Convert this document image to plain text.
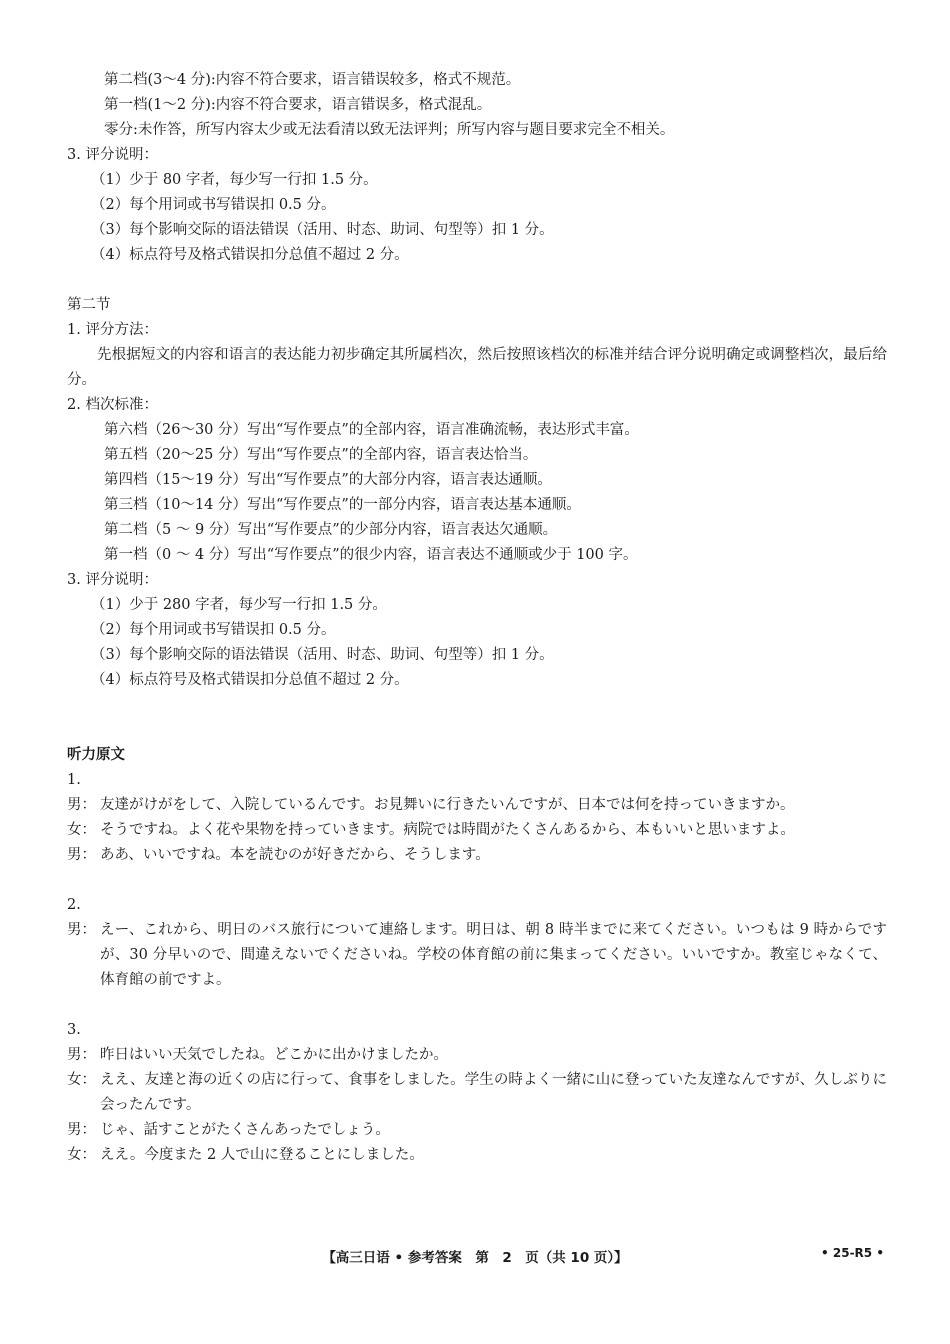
第二档(3～4 分):内容不符合要求，语言错误较多，格式不规范。
第一档(1～2 分):内容不符合要求，语言错误多，格式混乱。
零分:未作答，所写内容太少或无法看清以致无法评判；所写内容与题目要求完全不相关。
3. 评分说明：
（1）少于 80 字者，每少写一行扣 1.5 分。
（2）每个用词或书写错误扣 0.5 分。
（3）每个影响交际的语法错误（活用、时态、助词、句型等）扣 1 分。
（4）标点符号及格式错误扣分总值不超过 2 分。
第二节
1. 评分方法：

先根据短文的内容和语言的表达能力初步确定其所属档次，然后按照该档次的标准并结合评分说明确定或调整档次，最后给分。

2. 档次标准：
第六档（26～30 分）写出“写作要点”的全部内容，语言准确流畅，表达形式丰富。
第五档（20～25 分）写出“写作要点”的全部内容，语言表达恰当。
第四档（15～19 分）写出“写作要点”的大部分内容，语言表达通顺。
第三档（10～14 分）写出“写作要点”的一部分内容，语言表达基本通顺。
第二档（5 ～ 9 分）写出“写作要点”的少部分内容，语言表达欠通顺。
第一档（0 ～ 4 分）写出“写作要点”的很少内容，语言表达不通顺或少于 100 字。
3. 评分说明：
（1）少于 280 字者，每少写一行扣 1.5 分。
（2）每个用词或书写错误扣 0.5 分。
（3）每个影响交际的语法错误（活用、时态、助词、句型等）扣 1 分。
（4）标点符号及格式错误扣分总值不超过 2 分。
听力原文
1.
男： 友達がけがをして、入院しているんです。お見舞いに行きたいんですが、日本では何を持っていきますか。
女： そうですね。よく花や果物を持っていきます。病院では時間がたくさんあるから、本もいいと思いますよ。
男： ああ、いいですね。本を読むのが好きだから、そうします。
2.
男： えー、これから、明日のバス旅行について連絡します。明日は、朝 8 時半までに来てください。いつもは 9 時からですが、30 分早いので、間違えないでくださいね。学校の体育館の前に集まってください。いいですか。教室じゃなくて、体育館の前ですよ。
3.
男： 昨日はいい天気でしたね。どこかに出かけましたか。
女： ええ、友達と海の近くの店に行って、食事をしました。学生の時よく一緒に山に登っていた友達なんですが、久しぶりに会ったんです。
男： じゃ、話すことがたくさんあったでしょう。
女： ええ。今度また 2 人で山に登ることにしました。
【高三日语 • 参考答案　第　2　页（共 10 页）】	• 25-R5 •
